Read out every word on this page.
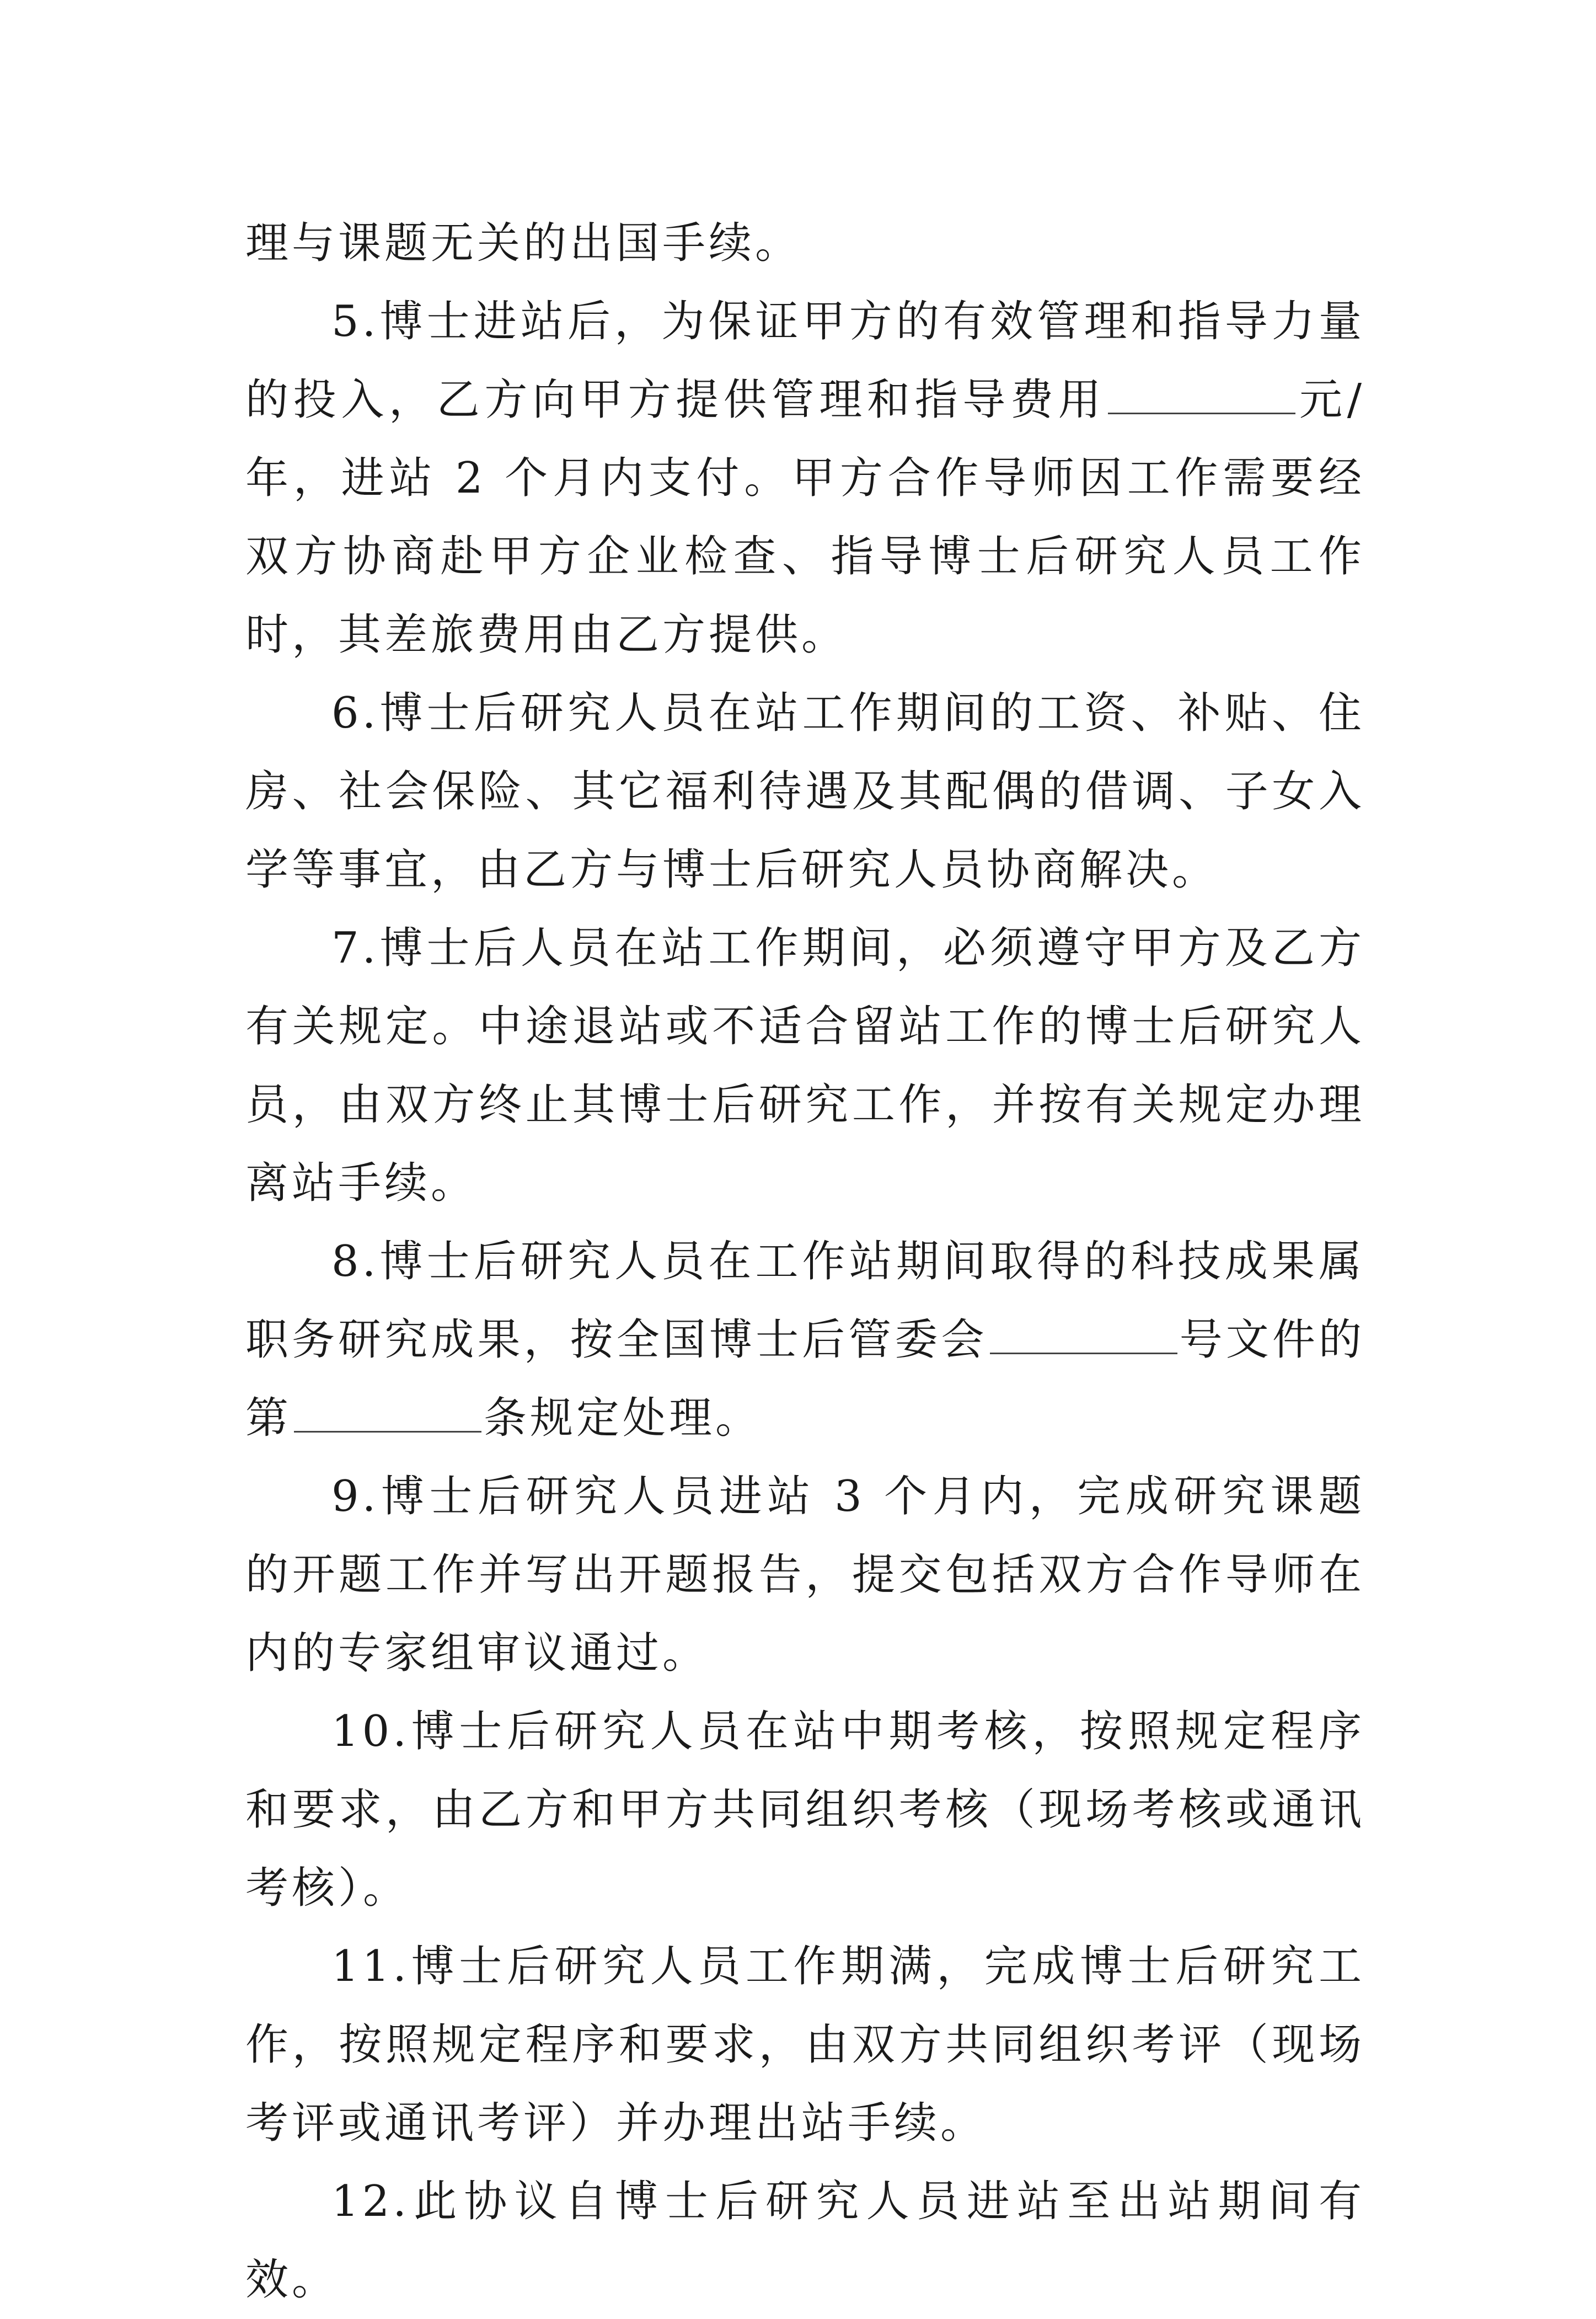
理与课题无关的出国手续。

5.博士进站后，为保证甲方的有效管理和指导力量的投入，乙方向甲方提供管理和指导费用	元/年，进站 2 个月内支付。甲方合作导师因工作需要经双方协商赴甲方企业检查、指导博士后研究人员工作时，其差旅费用由乙方提供。

6.博士后研究人员在站工作期间的工资、补贴、住房、社会保险、其它福利待遇及其配偶的借调、子女入学等事宜，由乙方与博士后研究人员协商解决。

7.博士后人员在站工作期间，必须遵守甲方及乙方有关规定。中途退站或不适合留站工作的博士后研究人员，由双方终止其博士后研究工作，并按有关规定办理离站手续。

8.博士后研究人员在工作站期间取得的科技成果属职务研究成果，按全国博士后管委会	号文件的第	条规定处理。

9.博士后研究人员进站 3 个月内，完成研究课题的开题工作并写出开题报告，提交包括双方合作导师在内的专家组审议通过。

10.博士后研究人员在站中期考核，按照规定程序和要求，由乙方和甲方共同组织考核（现场考核或通讯考核）。

11.博士后研究人员工作期满，完成博士后研究工作，按照规定程序和要求，由双方共同组织考评（现场考评或通讯考评）并办理出站手续。

12.此协议自博士后研究人员进站至出站期间有效。
